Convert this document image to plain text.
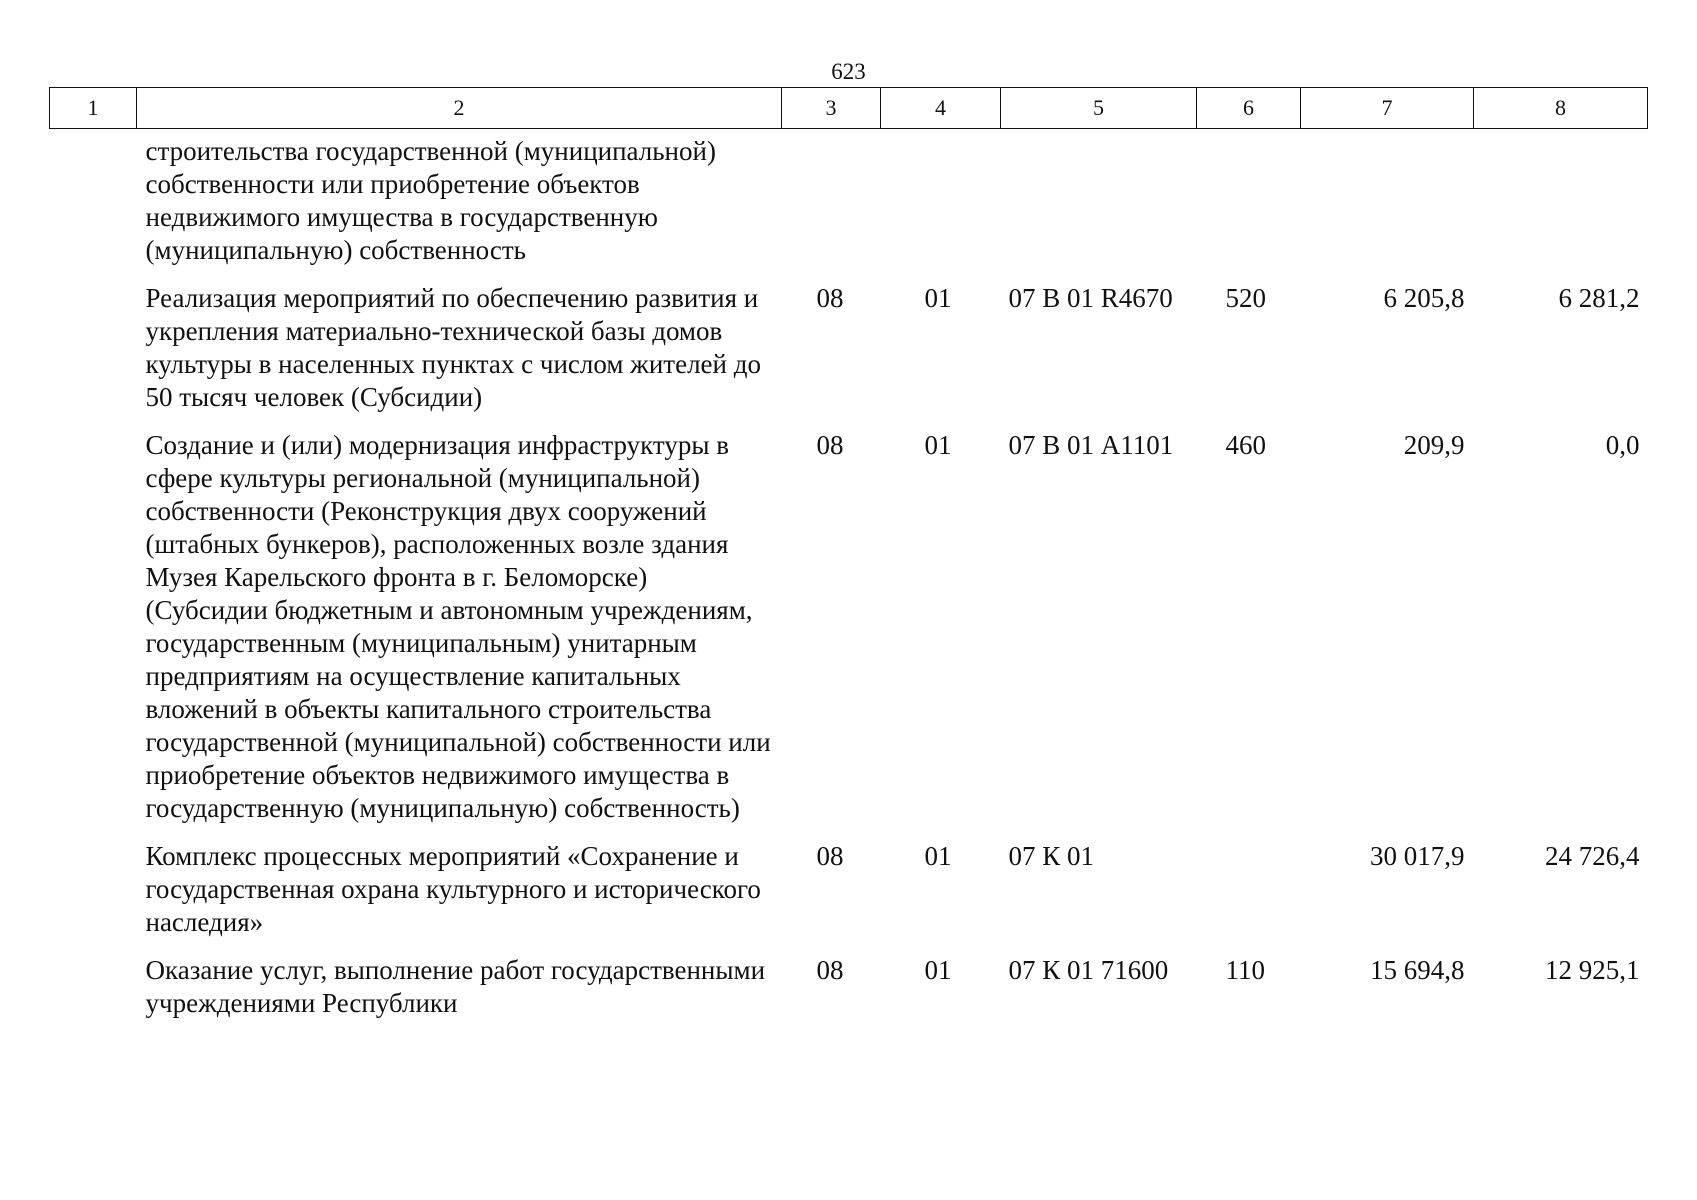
623
1	2	3	4	5	6	7	8
	строительства государственной (муниципальной) собственности или приобретение объектов недвижимого имущества в государственную (муниципальную) собственность						
	Реализация мероприятий по обеспечению развития и укрепления материально-технической базы домов культуры в населенных пунктах с числом жителей до 50 тысяч человек (Субсидии)	08	01	07 В 01 R4670	520	6 205,8	6 281,2
	Создание и (или) модернизация инфраструктуры в сфере культуры региональной (муниципальной) собственности (Реконструкция двух сооружений (штабных бункеров), расположенных возле здания Музея Карельского фронта в г. Беломорске) (Субсидии бюджетным и автономным учреждениям, государственным (муниципальным) унитарным предприятиям на осуществление капитальных вложений в объекты капитального строительства государственной (муниципальной) собственности или приобретение объектов недвижимого имущества в государственную (муниципальную) собственность)	08	01	07 В 01 А1101	460	209,9	0,0
	Комплекс процессных мероприятий «Сохранение и государственная охрана культурного и исторического наследия»	08	01	07 К 01		30 017,9	24 726,4
	Оказание услуг, выполнение работ государственными учреждениями Республики	08	01	07 К 01 71600	110	15 694,8	12 925,1
